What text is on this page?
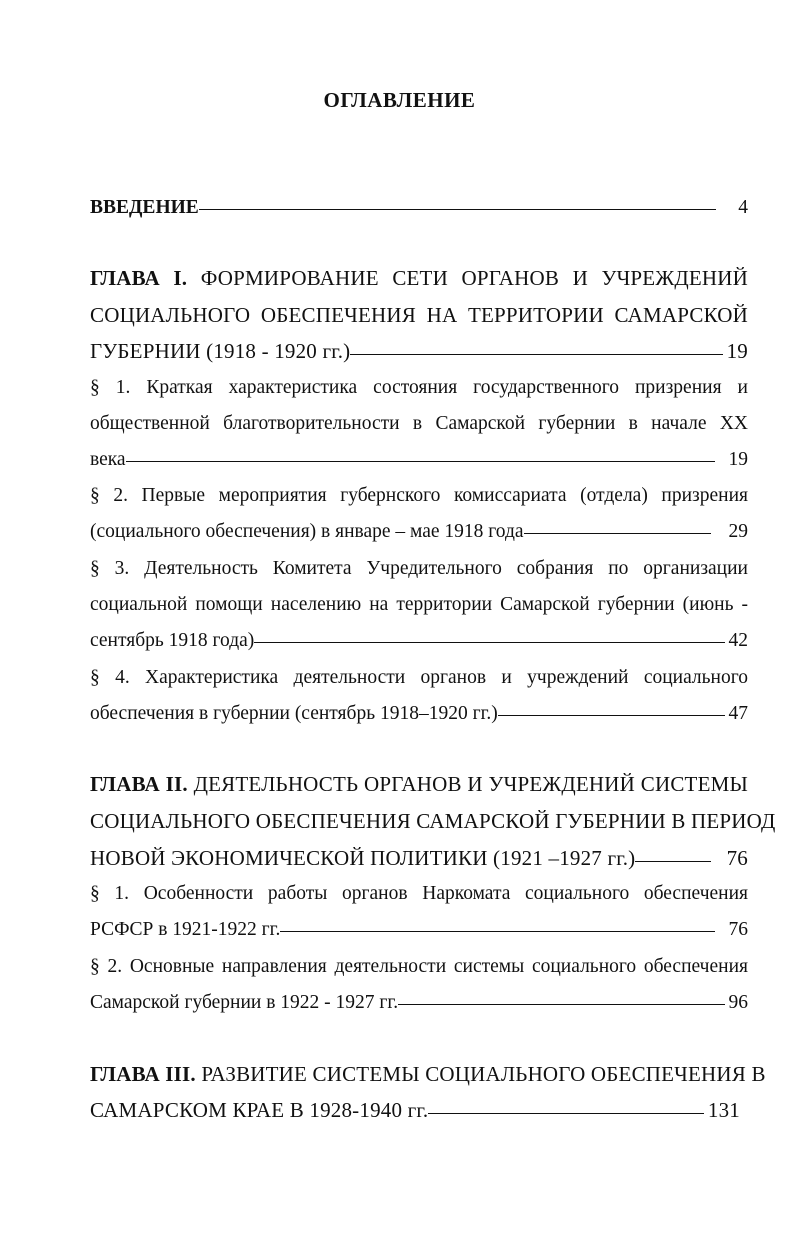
ОГЛАВЛЕНИЕ
ВВЕДЕНИЕ	4
ГЛАВА I. ФОРМИРОВАНИЕ СЕТИ ОРГАНОВ И УЧРЕЖДЕНИЙ
СОЦИАЛЬНОГО ОБЕСПЕЧЕНИЯ НА ТЕРРИТОРИИ САМАРСКОЙ
ГУБЕРНИИ (1918 - 1920 гг.)	19
§ 1. Краткая характеристика состояния государственного призрения и
общественной благотворительности в Самарской губернии в начале XX
века	19
§ 2. Первые мероприятия губернского комиссариата (отдела) призрения
(социального обеспечения) в январе – мае 1918 года	29
§ 3. Деятельность Комитета Учредительного собрания по организации
социальной помощи населению на территории Самарской губернии (июнь -
сентябрь 1918 года)	42
§ 4. Характеристика деятельности органов и учреждений социального
обеспечения в губернии (сентябрь 1918–1920 гг.)	47
ГЛАВА II. ДЕЯТЕЛЬНОСТЬ ОРГАНОВ И УЧРЕЖДЕНИЙ СИСТЕМЫ
СОЦИАЛЬНОГО ОБЕСПЕЧЕНИЯ САМАРСКОЙ ГУБЕРНИИ В ПЕРИОД
НОВОЙ ЭКОНОМИЧЕСКОЙ ПОЛИТИКИ (1921 –1927 гг.)	76
§ 1. Особенности работы органов Наркомата социального обеспечения
РСФСР в 1921-1922 гг.	76
§ 2. Основные направления деятельности системы социального обеспечения
Самарской губернии в 1922 - 1927 гг.	96
ГЛАВА III. РАЗВИТИЕ СИСТЕМЫ СОЦИАЛЬНОГО ОБЕСПЕЧЕНИЯ В
САМАРСКОМ КРАЕ В 1928-1940 гг.	131
